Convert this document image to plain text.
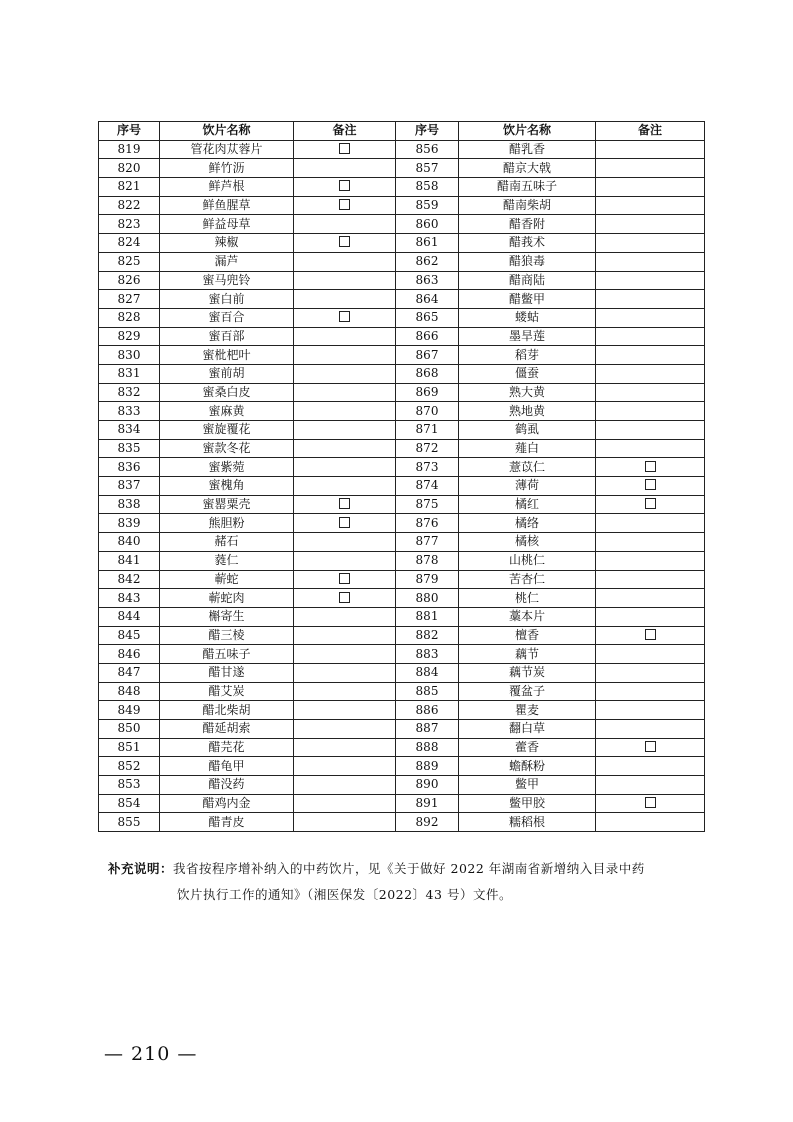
序号	饮片名称	备注	序号	饮片名称	备注
819	管花肉苁蓉片		856	醋乳香	
820	鲜竹沥		857	醋京大戟	
821	鲜芦根		858	醋南五味子	
822	鲜鱼腥草		859	醋南柴胡	
823	鲜益母草		860	醋香附	
824	辣椒		861	醋莪术	
825	漏芦		862	醋狼毒	
826	蜜马兜铃		863	醋商陆	
827	蜜白前		864	醋鳖甲	
828	蜜百合		865	蝼蛄	
829	蜜百部		866	墨旱莲	
830	蜜枇杷叶		867	稻芽	
831	蜜前胡		868	僵蚕	
832	蜜桑白皮		869	熟大黄	
833	蜜麻黄		870	熟地黄	
834	蜜旋覆花		871	鹤虱	
835	蜜款冬花		872	薤白	
836	蜜紫菀		873	薏苡仁	
837	蜜槐角		874	薄荷	
838	蜜罂粟壳		875	橘红	
839	熊胆粉		876	橘络	
840	赭石		877	橘核	
841	蕤仁		878	山桃仁	
842	蕲蛇		879	苦杏仁	
843	蕲蛇肉		880	桃仁	
844	槲寄生		881	藁本片	
845	醋三棱		882	檀香	
846	醋五味子		883	藕节	
847	醋甘遂		884	藕节炭	
848	醋艾炭		885	覆盆子	
849	醋北柴胡		886	瞿麦	
850	醋延胡索		887	翻白草	
851	醋芫花		888	藿香	
852	醋龟甲		889	蟾酥粉	
853	醋没药		890	鳖甲	
854	醋鸡内金		891	鳖甲胶	
855	醋青皮		892	糯稻根	
补充说明：我省按程序增补纳入的中药饮片，见《关于做好 2022 年湖南省新增纳入目录中药
饮片执行工作的通知》（湘医保发〔2022〕43 号）文件。
— 210 —
